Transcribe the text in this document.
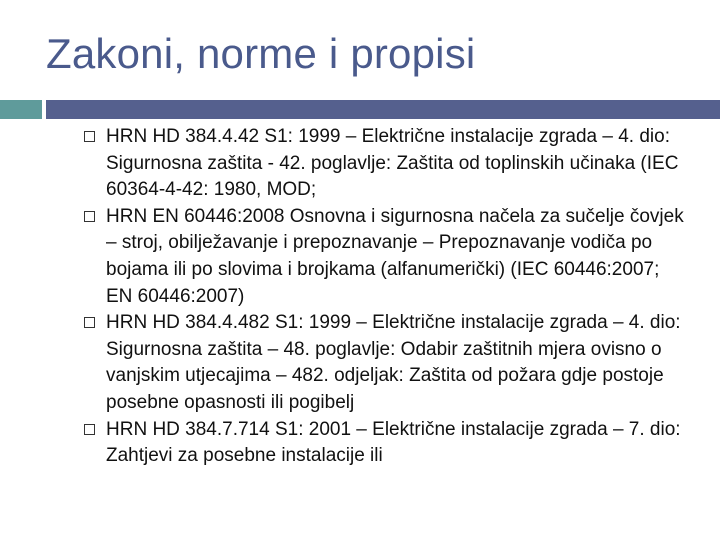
Zakoni, norme i propisi
HRN HD 384.4.42 S1: 1999 – Električne instalacije zgrada – 4. dio: Sigurnosna zaštita - 42. poglavlje: Zaštita od toplinskih učinaka (IEC 60364-4-42: 1980, MOD;
HRN EN 60446:2008 Osnovna i sigurnosna načela za sučelje čovjek – stroj, obilježavanje i prepoznavanje – Prepoznavanje vodiča po bojama ili po slovima i brojkama (alfanumerički) (IEC 60446:2007; EN 60446:2007)
HRN HD 384.4.482 S1: 1999 – Električne instalacije zgrada – 4. dio: Sigurnosna zaštita – 48. poglavlje: Odabir zaštitnih mjera ovisno o vanjskim utjecajima – 482. odjeljak: Zaštita od požara gdje postoje posebne opasnosti ili pogibelj
HRN HD 384.7.714 S1: 2001 – Električne instalacije zgrada – 7. dio: Zahtjevi za posebne instalacije ili
